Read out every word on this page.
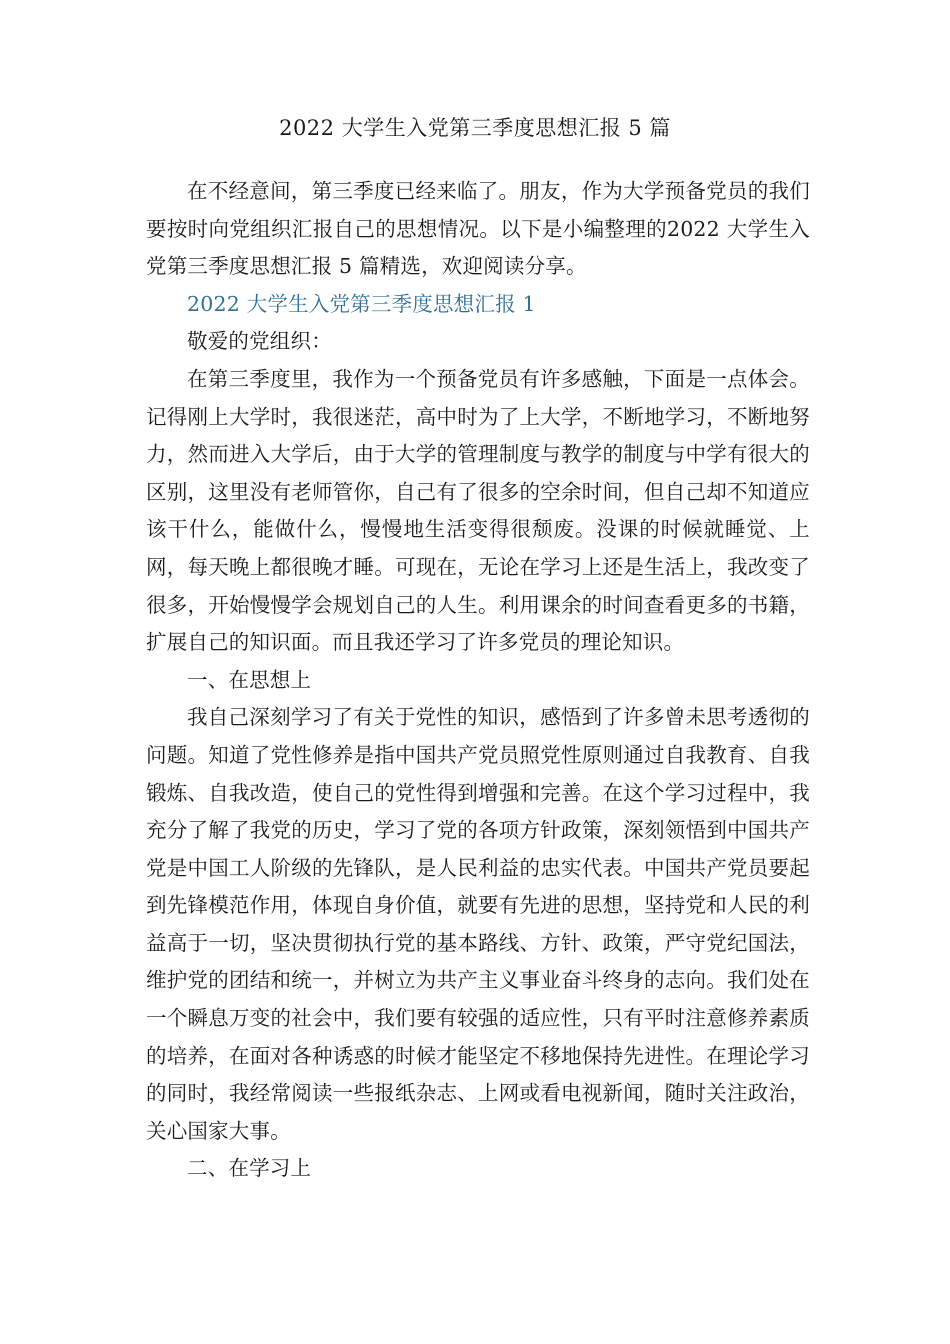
2022 大学生入党第三季度思想汇报 5 篇

在不经意间，第三季度已经来临了。朋友，作为大学预备党员的我们要按时向党组织汇报自己的思想情况。以下是小编整理的2022 大学生入党第三季度思想汇报 5 篇精选，欢迎阅读分享。

2022 大学生入党第三季度思想汇报 1

敬爱的党组织：

在第三季度里，我作为一个预备党员有许多感触，下面是一点体会。 记得刚上大学时，我很迷茫，高中时为了上大学，不断地学习，不断地努力，然而进入大学后，由于大学的管理制度与教学的制度与中学有很大的区别，这里没有老师管你，自己有了很多的空余时间，但自己却不知道应该干什么，能做什么，慢慢地生活变得很颓废。没课的时候就睡觉、上网，每天晚上都很晚才睡。可现在，无论在学习上还是生活上，我改变了很多，开始慢慢学会规划自己的人生。利用课余的时间查看更多的书籍，扩展自己的知识面。而且我还学习了许多党员的理论知识。

一、在思想上

我自己深刻学习了有关于党性的知识，感悟到了许多曾未思考透彻的问题。知道了党性修养是指中国共产党员照党性原则通过自我教育、自我锻炼、自我改造，使自己的党性得到增强和完善。在这个学习过程中，我充分了解了我党的历史，学习了党的各项方针政策，深刻领悟到中国共产党是中国工人阶级的先锋队，是人民利益的忠实代表。中国共产党员要起到先锋模范作用，体现自身价值，就要有先进的思想，坚持党和人民的利益高于一切，坚决贯彻执行党的基本路线、方针、政策，严守党纪国法，维护党的团结和统一，并树立为共产主义事业奋斗终身的志向。我们处在一个瞬息万变的社会中，我们要有较强的适应性，只有平时注意修养素质的培养，在面对各种诱惑的时候才能坚定不移地保持先进性。在理论学习的同时，我经常阅读一些报纸杂志、上网或看电视新闻，随时关注政治，关心国家大事。

二、在学习上
